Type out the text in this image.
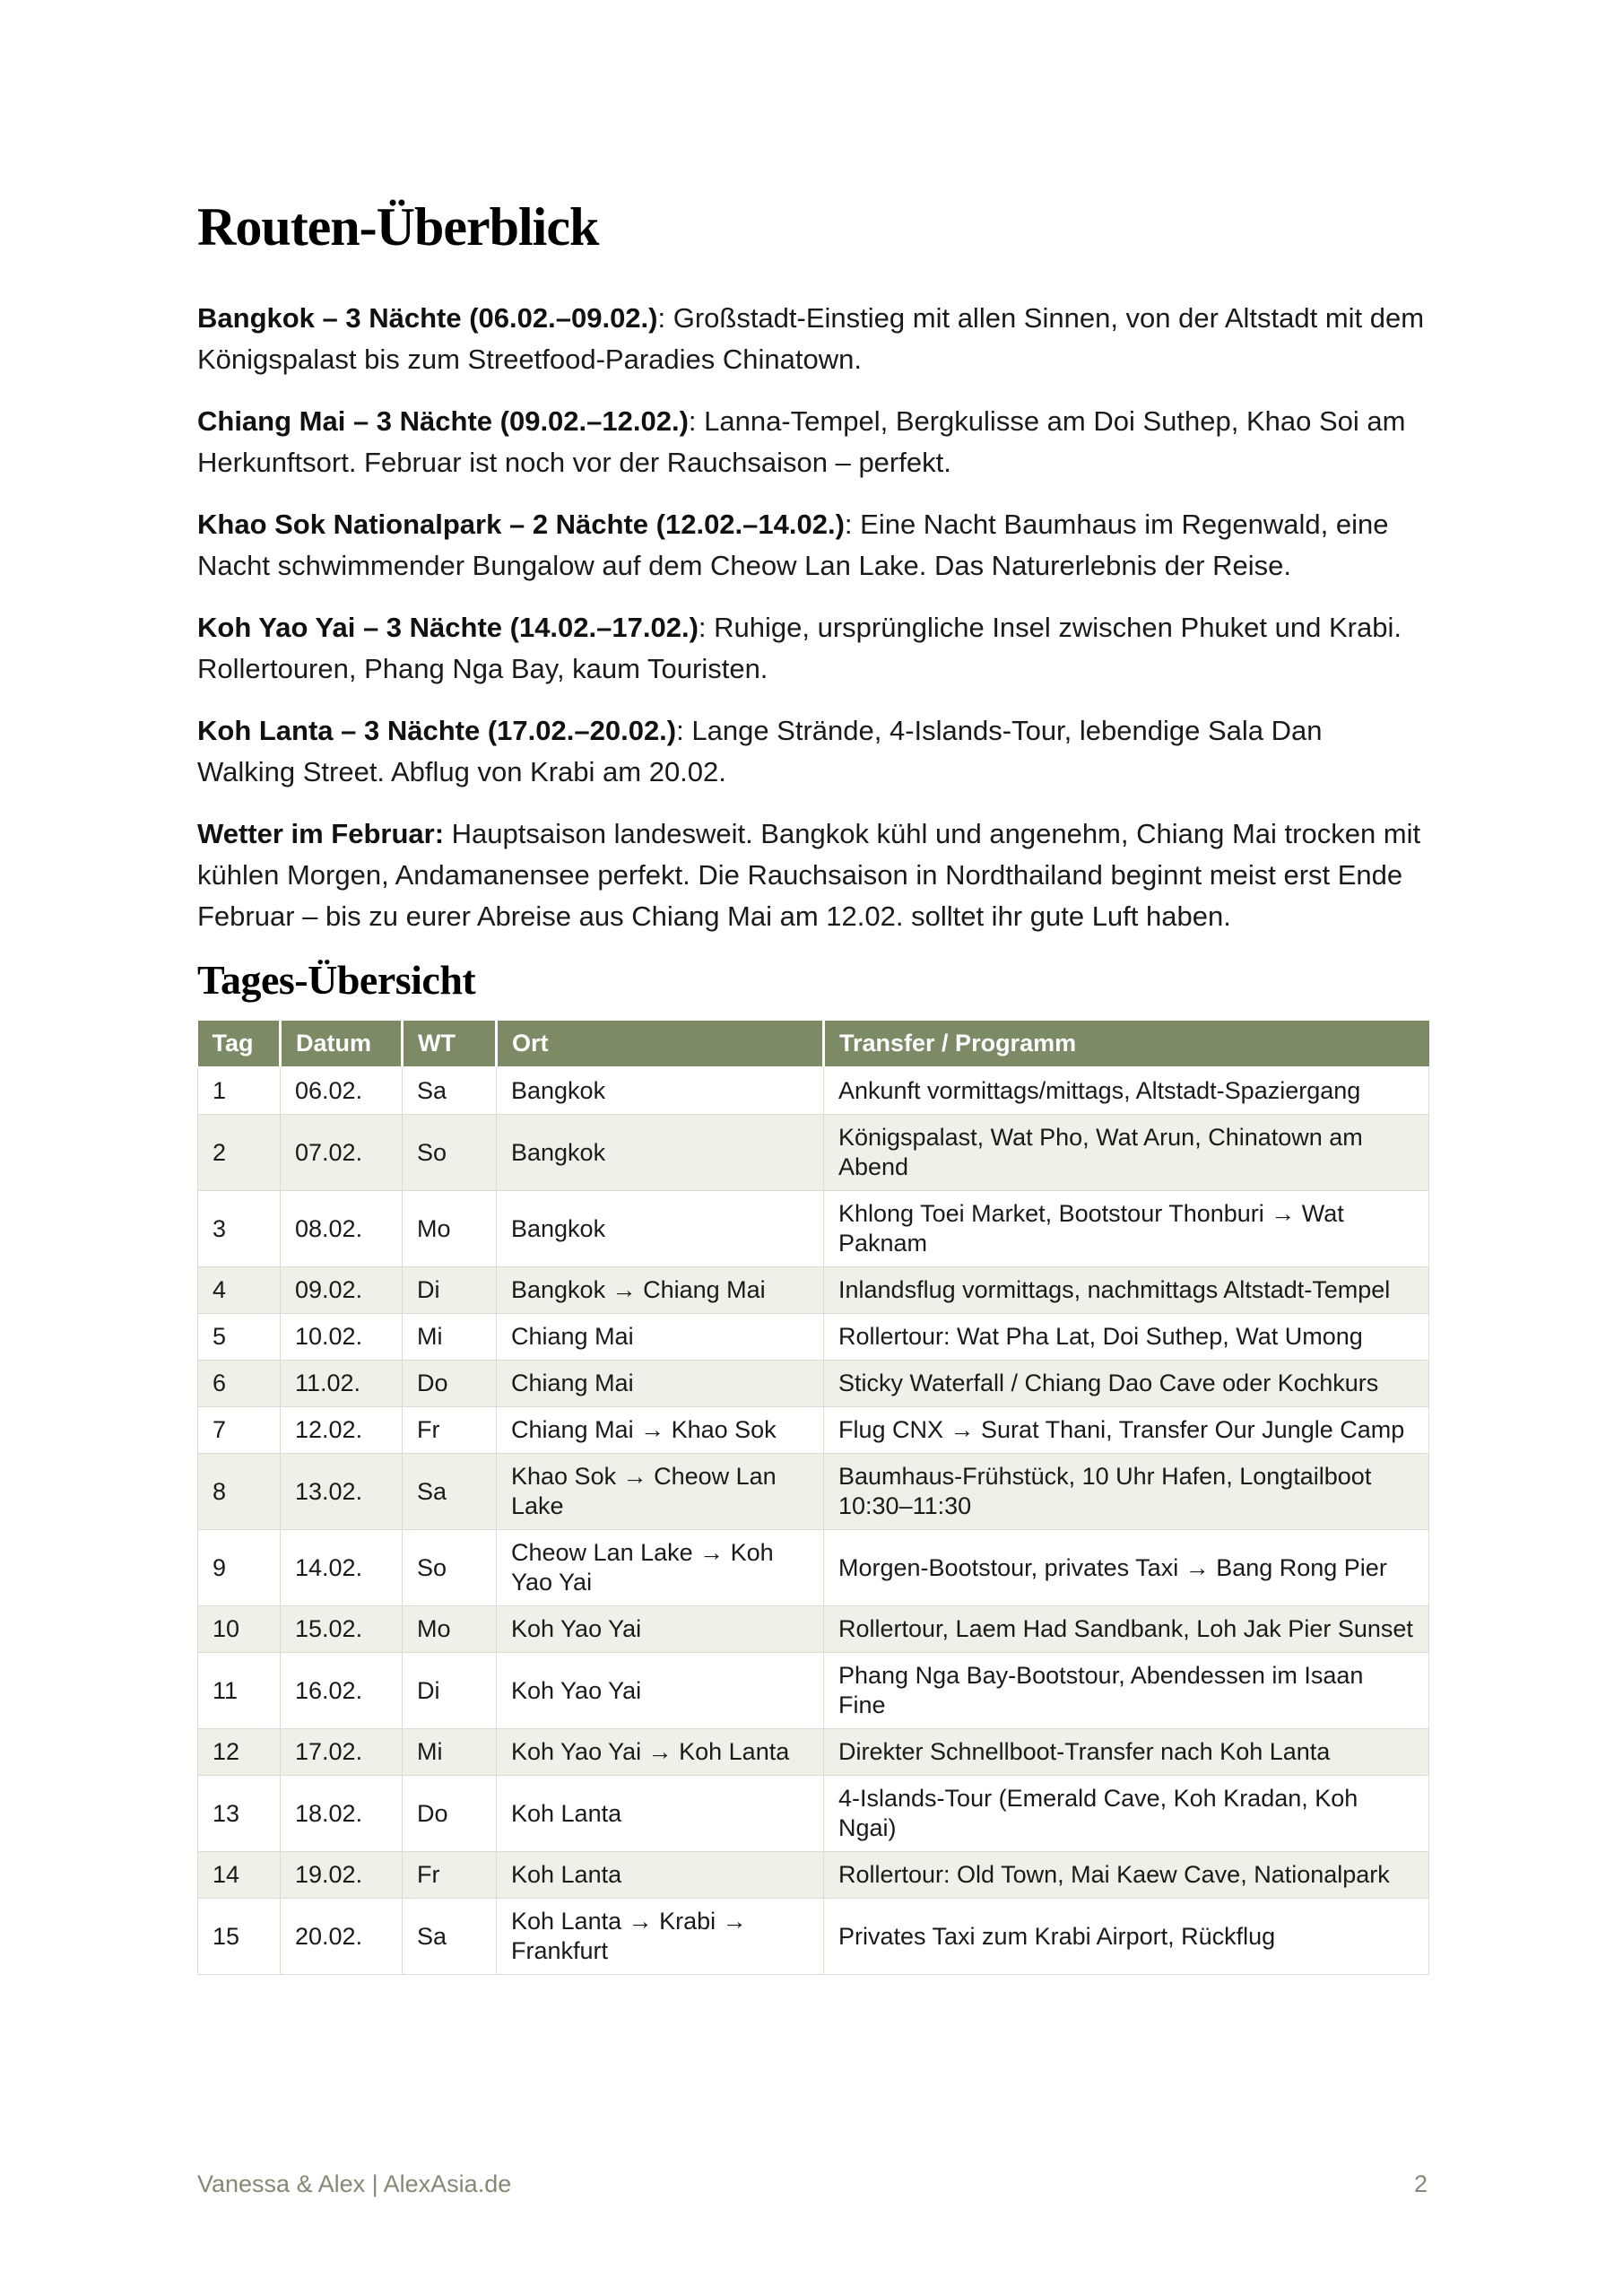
Routen-Überblick

Bangkok – 3 Nächte (06.02.–09.02.): Großstadt-Einstieg mit allen Sinnen, von der Altstadt mit dem Königspalast bis zum Streetfood-Paradies Chinatown.

Chiang Mai – 3 Nächte (09.02.–12.02.): Lanna-Tempel, Bergkulisse am Doi Suthep, Khao Soi am Herkunftsort. Februar ist noch vor der Rauchsaison – perfekt.

Khao Sok Nationalpark – 2 Nächte (12.02.–14.02.): Eine Nacht Baumhaus im Regenwald, eine Nacht schwimmender Bungalow auf dem Cheow Lan Lake. Das Naturerlebnis der Reise.

Koh Yao Yai – 3 Nächte (14.02.–17.02.): Ruhige, ursprüngliche Insel zwischen Phuket und Krabi. Rollertouren, Phang Nga Bay, kaum Touristen.

Koh Lanta – 3 Nächte (17.02.–20.02.): Lange Strände, 4-Islands-Tour, lebendige Sala Dan Walking Street. Abflug von Krabi am 20.02.

Wetter im Februar: Hauptsaison landesweit. Bangkok kühl und angenehm, Chiang Mai trocken mit kühlen Morgen, Andamanensee perfekt. Die Rauchsaison in Nordthailand beginnt meist erst Ende Februar – bis zu eurer Abreise aus Chiang Mai am 12.02. solltet ihr gute Luft haben.

Tages-Übersicht
Tag	Datum	WT	Ort	Transfer / Programm
1	06.02.	Sa	Bangkok	Ankunft vormittags/mittags, Altstadt-Spaziergang
2	07.02.	So	Bangkok	Königspalast, Wat Pho, Wat Arun, Chinatown am Abend
3	08.02.	Mo	Bangkok	Khlong Toei Market, Bootstour Thonburi → Wat Paknam
4	09.02.	Di	Bangkok → Chiang Mai	Inlandsflug vormittags, nachmittags Altstadt-Tempel
5	10.02.	Mi	Chiang Mai	Rollertour: Wat Pha Lat, Doi Suthep, Wat Umong
6	11.02.	Do	Chiang Mai	Sticky Waterfall / Chiang Dao Cave oder Kochkurs
7	12.02.	Fr	Chiang Mai → Khao Sok	Flug CNX → Surat Thani, Transfer Our Jungle Camp
8	13.02.	Sa	Khao Sok → Cheow Lan Lake	Baumhaus-Frühstück, 10 Uhr Hafen, Longtailboot 10:30–11:30
9	14.02.	So	Cheow Lan Lake → Koh Yao Yai	Morgen-Bootstour, privates Taxi → Bang Rong Pier
10	15.02.	Mo	Koh Yao Yai	Rollertour, Laem Had Sandbank, Loh Jak Pier Sunset
11	16.02.	Di	Koh Yao Yai	Phang Nga Bay-Bootstour, Abendessen im Isaan Fine
12	17.02.	Mi	Koh Yao Yai → Koh Lanta	Direkter Schnellboot-Transfer nach Koh Lanta
13	18.02.	Do	Koh Lanta	4-Islands-Tour (Emerald Cave, Koh Kradan, Koh Ngai)
14	19.02.	Fr	Koh Lanta	Rollertour: Old Town, Mai Kaew Cave, Nationalpark
15	20.02.	Sa	Koh Lanta → Krabi → Frankfurt	Privates Taxi zum Krabi Airport, Rückflug
Vanessa & Alex | AlexAsia.de	2
